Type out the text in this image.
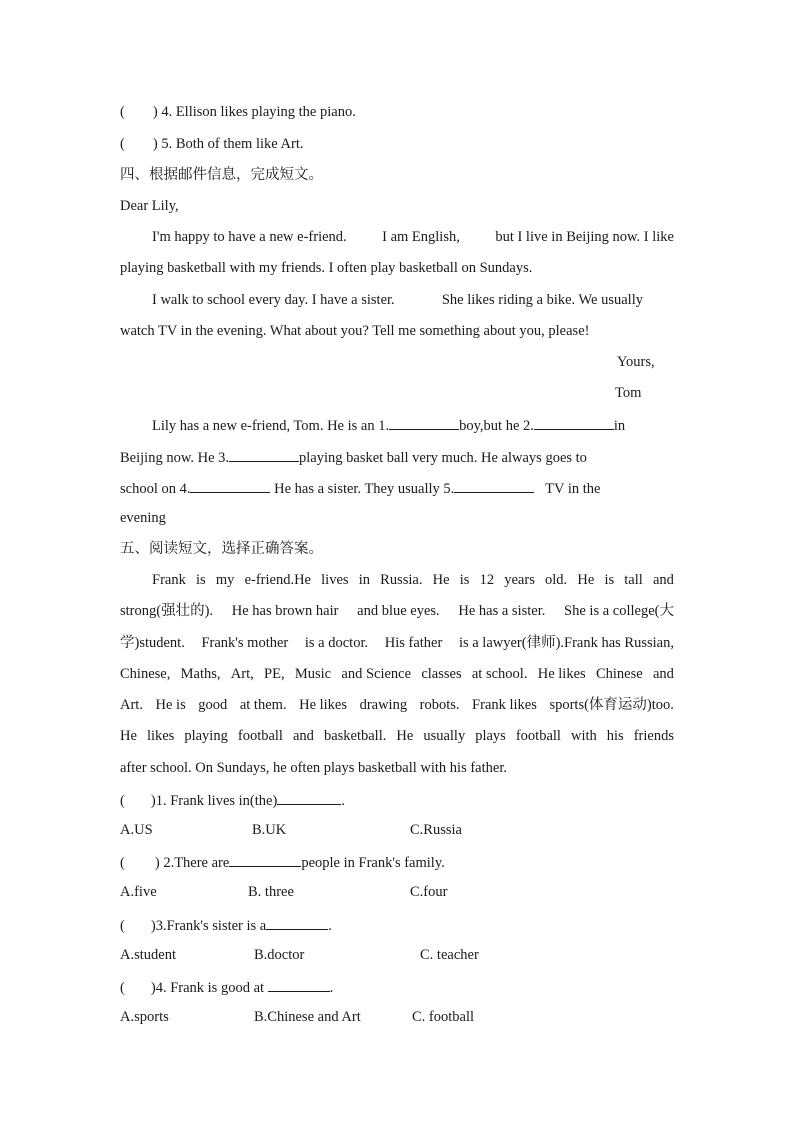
( ) 4. Ellison likes playing the piano.
( ) 5. Both of them like Art.
四、根据邮件信息，完成短文。
Dear Lily,
I'm happy to have a new e-friend. I am English, but I live in Beijing now. I like
playing basketball with my friends. I often play basketball on Sundays.
I walk to school every day. I have a sister.	She likes riding a bike. We usually
watch TV in the evening. What about you? Tell me something about you, please!
Yours,
Tom
Lily has a new e-friend, Tom. He is an 1.	boy,but he 2.	in
Beijing now. He 3.	playing basket ball very much. He always goes to
school on 4.	He has a sister. They usually 5.	TV in the
evening
五、阅读短文，选择正确答案。
Frank is my e-friend.He lives in Russia. He is 12 years old. He is tall and
strong(强壮的). He has brown hair and blue eyes. He has a sister. She is a college(大
学)student. Frank's mother is a doctor. His father is a lawyer(律师).Frank has Russian,
Chinese, Maths, Art, PE, Music and Science classes at school. He likes Chinese and
Art. He is good at them. He likes drawing robots. Frank likes sports(体育运动)too.
He likes playing football and basketball. He usually plays football with his friends
after school. On Sundays, he often plays basketball with his father.
( )1. Frank lives in(the)	.
A.US	B.UK	C.Russia
( ) 2.There are	people in Frank's family.
A.five	B. three	C.four
( )3.Frank's sister is a	.
A.student	B.doctor	C. teacher
( )4. Frank is good at	.
A.sports	B.Chinese and Art	C. football
